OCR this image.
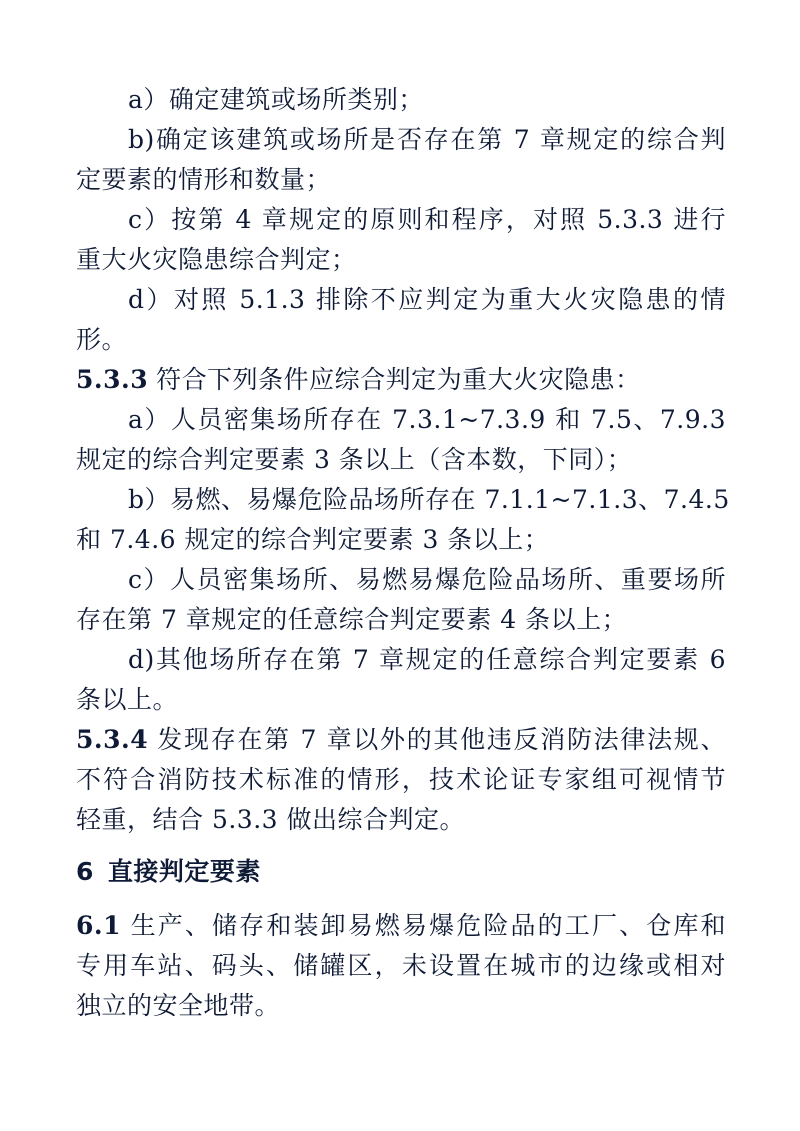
a）确定建筑或场所类别；
b)确定该建筑或场所是否存在第 7 章规定的综合判
定要素的情形和数量；
c）按第 4 章规定的原则和程序，对照 5.3.3 进行
重大火灾隐患综合判定；
d）对照 5.1.3 排除不应判定为重大火灾隐患的情
形。
5.3.3 符合下列条件应综合判定为重大火灾隐患：
a）人员密集场所存在 7.3.1~7.3.9 和 7.5、7.9.3
规定的综合判定要素 3 条以上（含本数，下同）；
b）易燃、易爆危险品场所存在 7.1.1~7.1.3、7.4.5
和 7.4.6 规定的综合判定要素 3 条以上；
c）人员密集场所、易燃易爆危险品场所、重要场所
存在第 7 章规定的任意综合判定要素 4 条以上；
d)其他场所存在第 7 章规定的任意综合判定要素 6
条以上。
5.3.4 发现存在第 7 章以外的其他违反消防法律法规、
不符合消防技术标准的情形，技术论证专家组可视情节
轻重，结合 5.3.3 做出综合判定。
6 直接判定要素
6.1 生产、储存和装卸易燃易爆危险品的工厂、仓库和
专用车站、码头、储罐区，未设置在城市的边缘或相对
独立的安全地带。
